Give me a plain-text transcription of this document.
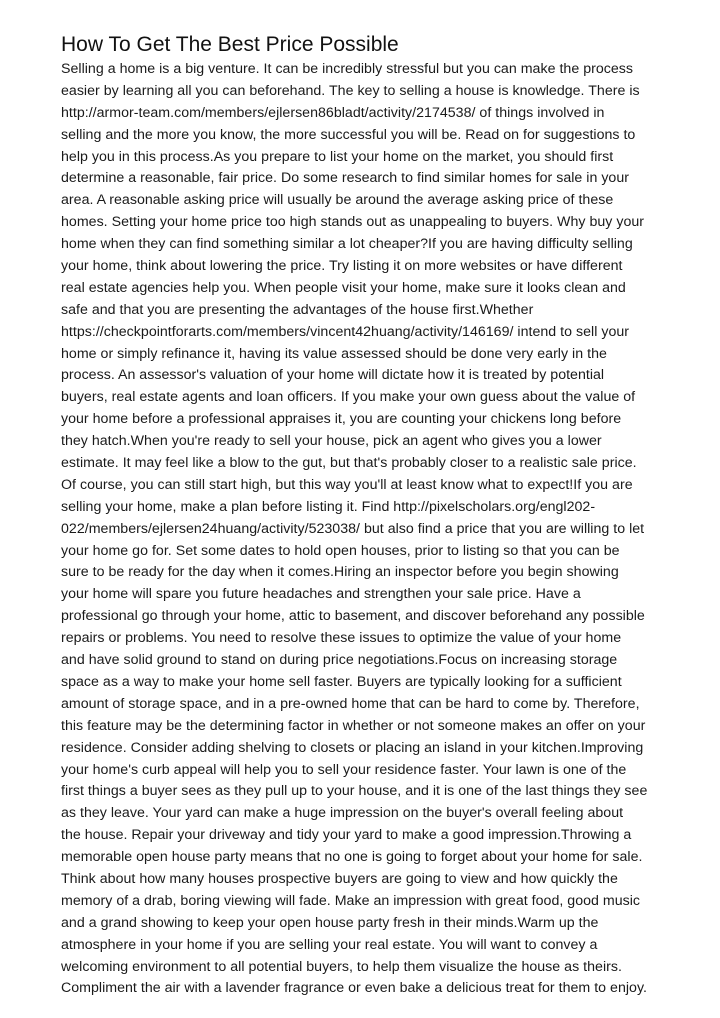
How To Get The Best Price Possible
Selling a home is a big venture. It can be incredibly stressful but you can make the process
easier by learning all you can beforehand. The key to selling a house is knowledge. There is
http://armor-team.com/members/ejlersen86bladt/activity/2174538/ of things involved in
selling and the more you know, the more successful you will be. Read on for suggestions to
help you in this process.As you prepare to list your home on the market, you should first
determine a reasonable, fair price. Do some research to find similar homes for sale in your
area. A reasonable asking price will usually be around the average asking price of these
homes. Setting your home price too high stands out as unappealing to buyers. Why buy your
home when they can find something similar a lot cheaper?If you are having difficulty selling
your home, think about lowering the price. Try listing it on more websites or have different
real estate agencies help you. When people visit your home, make sure it looks clean and
safe and that you are presenting the advantages of the house first.Whether
https://checkpointforarts.com/members/vincent42huang/activity/146169/ intend to sell your
home or simply refinance it, having its value assessed should be done very early in the
process. An assessor's valuation of your home will dictate how it is treated by potential
buyers, real estate agents and loan officers. If you make your own guess about the value of
your home before a professional appraises it, you are counting your chickens long before
they hatch.When you're ready to sell your house, pick an agent who gives you a lower
estimate. It may feel like a blow to the gut, but that's probably closer to a realistic sale price.
Of course, you can still start high, but this way you'll at least know what to expect!If you are
selling your home, make a plan before listing it. Find http://pixelscholars.org/engl202-
022/members/ejlersen24huang/activity/523038/ but also find a price that you are willing to let
your home go for. Set some dates to hold open houses, prior to listing so that you can be
sure to be ready for the day when it comes.Hiring an inspector before you begin showing
your home will spare you future headaches and strengthen your sale price. Have a
professional go through your home, attic to basement, and discover beforehand any possible
repairs or problems. You need to resolve these issues to optimize the value of your home
and have solid ground to stand on during price negotiations.Focus on increasing storage
space as a way to make your home sell faster. Buyers are typically looking for a sufficient
amount of storage space, and in a pre-owned home that can be hard to come by. Therefore,
this feature may be the determining factor in whether or not someone makes an offer on your
residence. Consider adding shelving to closets or placing an island in your kitchen.Improving
your home's curb appeal will help you to sell your residence faster. Your lawn is one of the
first things a buyer sees as they pull up to your house, and it is one of the last things they see
as they leave. Your yard can make a huge impression on the buyer's overall feeling about
the house. Repair your driveway and tidy your yard to make a good impression.Throwing a
memorable open house party means that no one is going to forget about your home for sale.
Think about how many houses prospective buyers are going to view and how quickly the
memory of a drab, boring viewing will fade. Make an impression with great food, good music
and a grand showing to keep your open house party fresh in their minds.Warm up the
atmosphere in your home if you are selling your real estate. You will want to convey a
welcoming environment to all potential buyers, to help them visualize the house as theirs.
Compliment the air with a lavender fragrance or even bake a delicious treat for them to enjoy.
